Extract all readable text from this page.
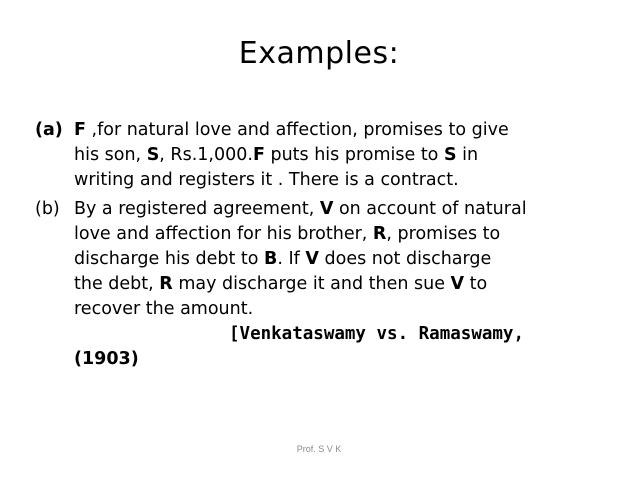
Examples:
(a) F ,for natural love and affection, promises to give
his son, S, Rs.1,000.F puts his promise to S in
writing and registers it . There is a contract.
(b) By a registered agreement, V on account of natural
love and affection for his brother, R, promises to
discharge his debt to B. If V does not discharge
the debt, R may discharge it and then sue V to
recover the amount.
[Venkataswamy vs. Ramaswamy,
(1903)
Prof. S V K
